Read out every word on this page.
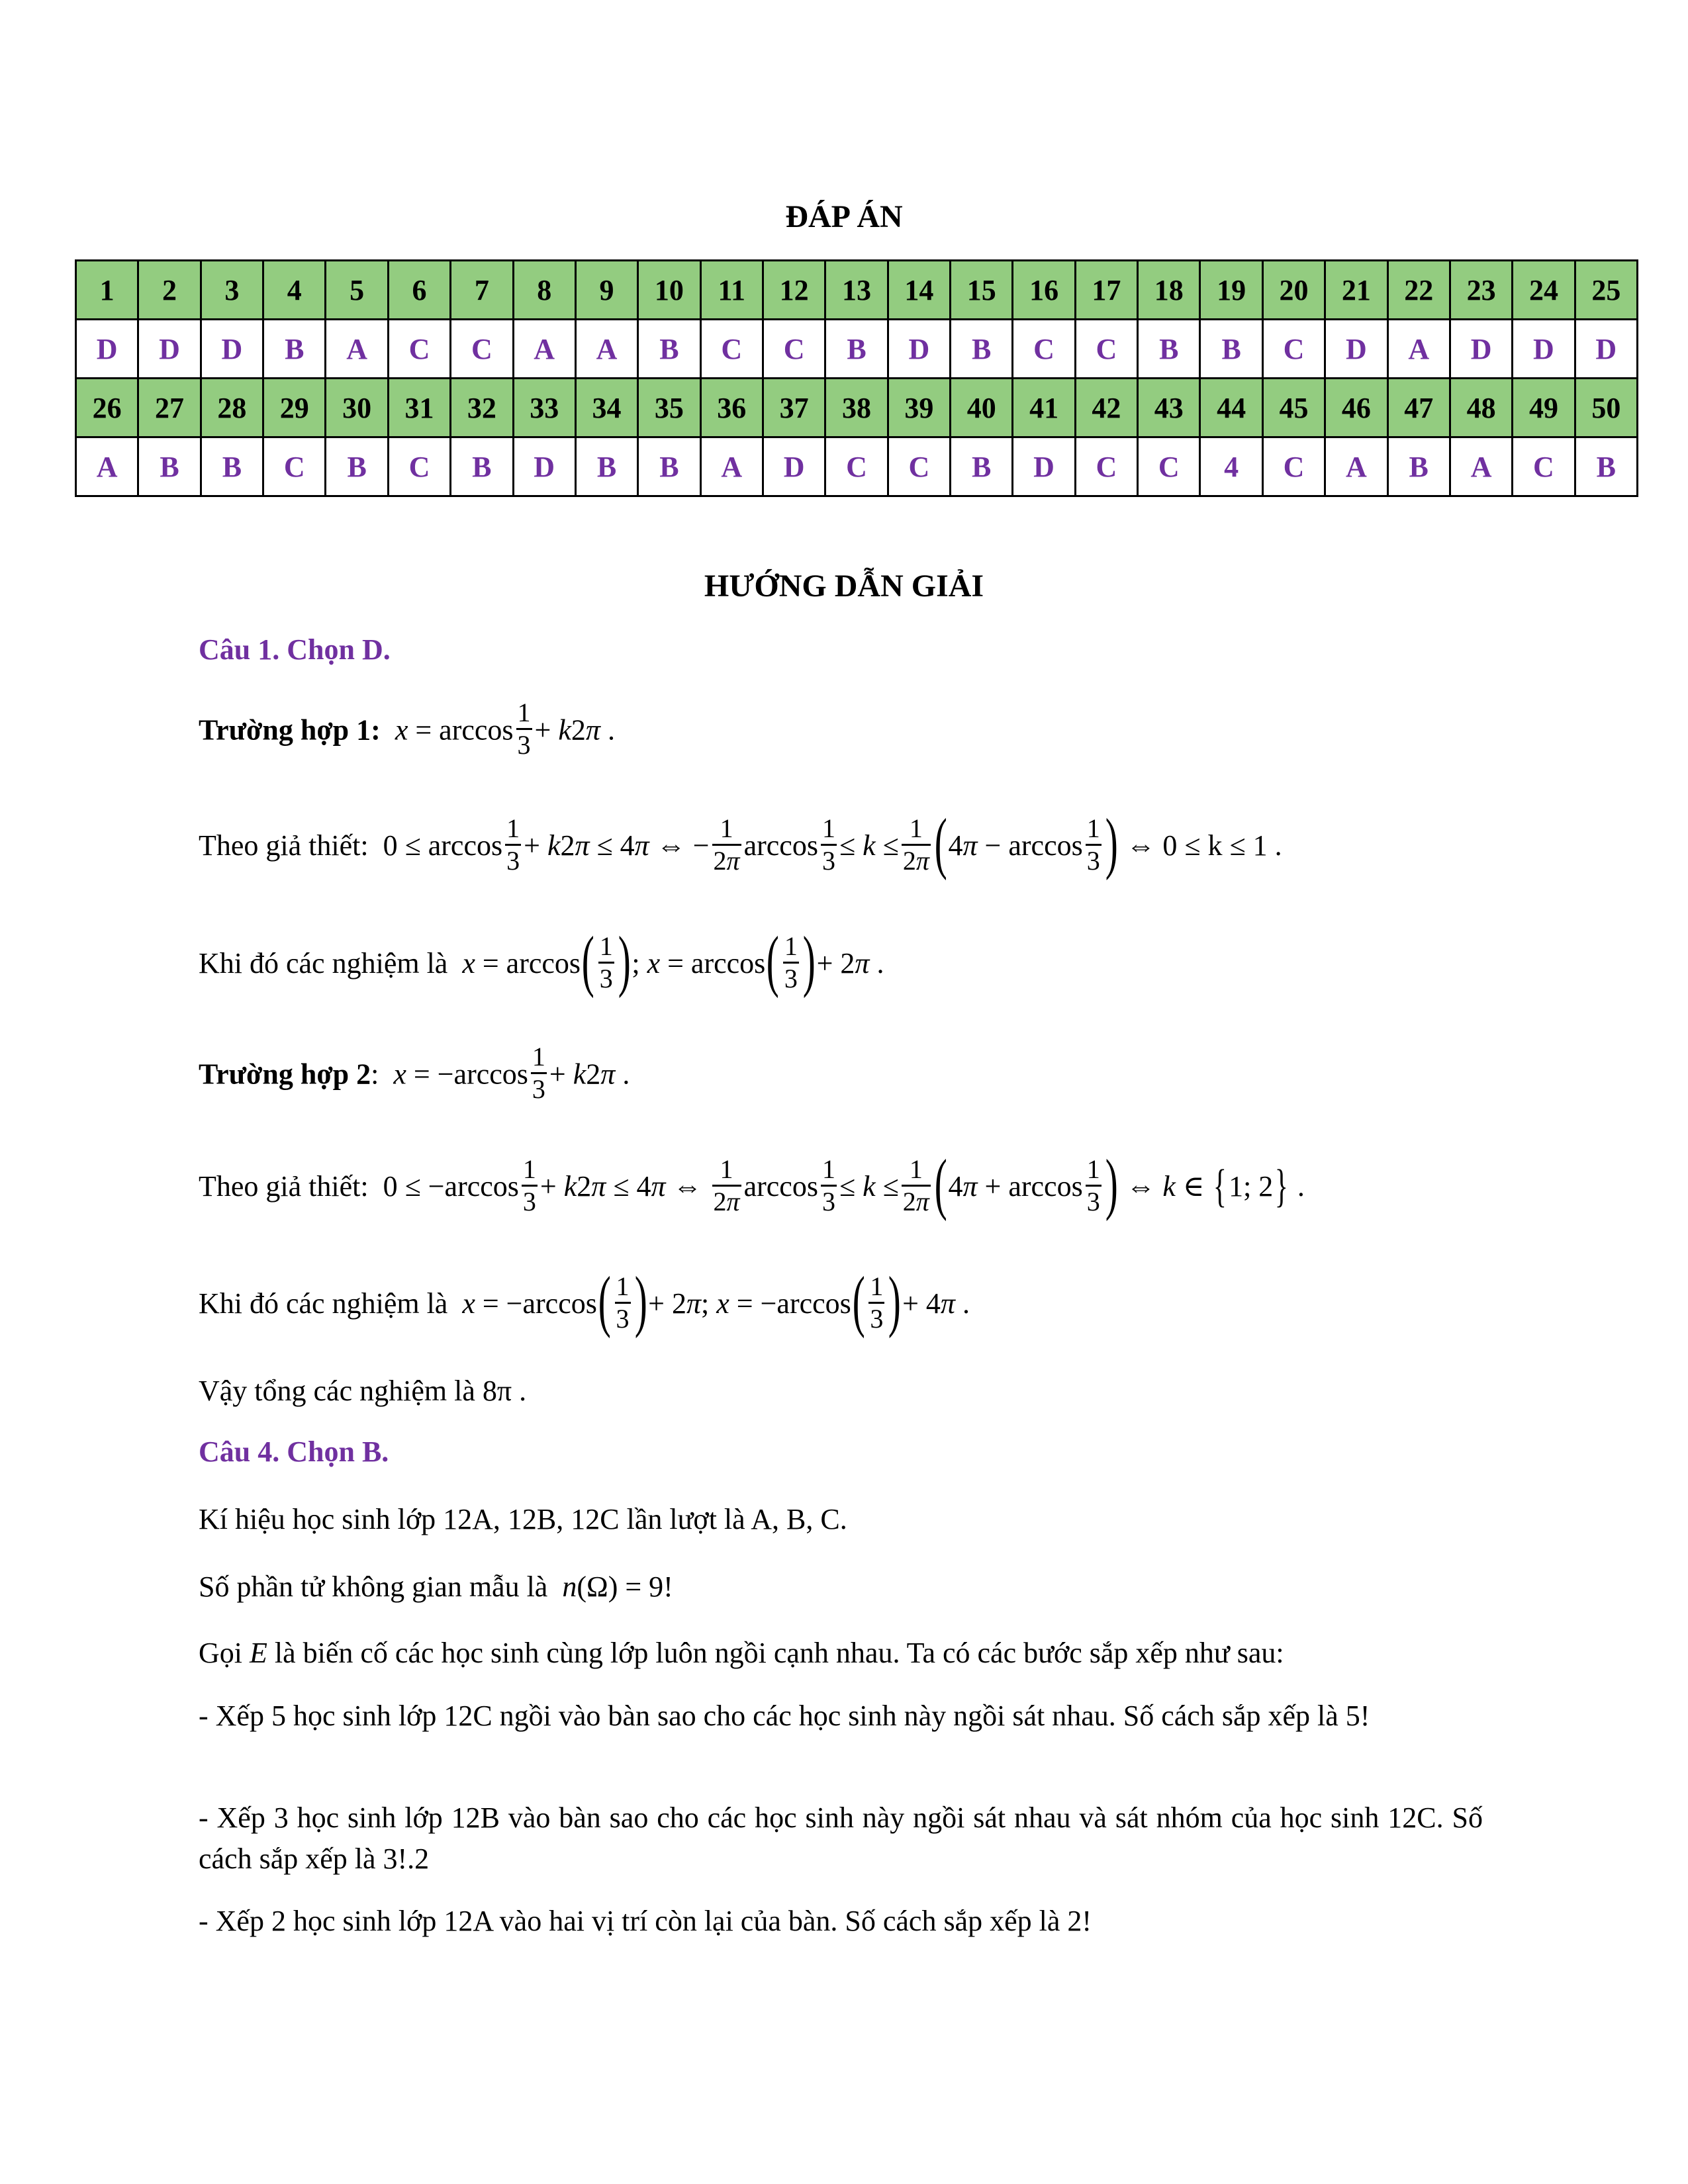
ĐÁP ÁN
1	2	3	4	5	6	7	8	9	10	11	12	13	14	15	16	17	18	19	20	21	22	23	24	25
D	D	D	B	A	C	C	A	A	B	C	C	B	D	B	C	C	B	B	C	D	A	D	D	D
26	27	28	29	30	31	32	33	34	35	36	37	38	39	40	41	42	43	44	45	46	47	48	49	50
A	B	B	C	B	C	B	D	B	B	A	D	C	C	B	D	C	C	4	C	A	B	A	C	B
HƯỚNG DẪN GIẢI
Câu 1. Chọn D.
Trường hợp 1: $x = \arccos \frac{1}{3} + k2\pi$ .
Theo giả thiết:  $0 \le \arccos \frac{1}{3} + k2\pi \le 4\pi$ ⇔ − $\frac{1}{2\pi}$ $\arccos \frac{1}{3} \le k \le \frac{1}{2\pi} (4\pi - \arccos \frac{1}{3}$ ) ⇔ 0 ≤ k ≤ 1 .
Khi đó các nghiệm là $x = \arccos( \frac{1}{3}$ ); $x = \arccos( \frac{1}{3}$ )+ 2π .
Trường hợp 2:  $x = -\arccos \frac{1}{3} + k2\pi$ .
Theo giả thiết:  $0 \le -\arccos \frac{1}{3} + k2\pi \le 4\pi$ ⇔ $\frac{1}{2\pi}$ $\arccos \frac{1}{3} \le k \le \frac{1}{2\pi} (4\pi + \arccos \frac{1}{3}$ ) ⇔ k ∈ {1; 2} .
Khi đó các nghiệm là $x = -\arccos( \frac{1}{3}$ )+ 2π; $x = -\arccos( \frac{1}{3}$ )+ 4π .
Vậy tổng các nghiệm là 8π .
Câu 4. Chọn B.
Kí hiệu học sinh lớp 12A, 12B, 12C lần lượt là A, B, C.
Số phần tử không gian mẫu là n(Ω) = 9!
Gọi E là biến cố các học sinh cùng lớp luôn ngồi cạnh nhau. Ta có các bước sắp xếp như sau:
- Xếp 5 học sinh lớp 12C ngồi vào bàn sao cho các học sinh này ngồi sát nhau. Số cách sắp xếp là 5!
- Xếp 3 học sinh lớp 12B vào bàn sao cho các học sinh này ngồi sát nhau và sát nhóm của học sinh 12C. Số cách sắp xếp là 3!.2
- Xếp 2 học sinh lớp 12A vào hai vị trí còn lại của bàn. Số cách sắp xếp là 2!
